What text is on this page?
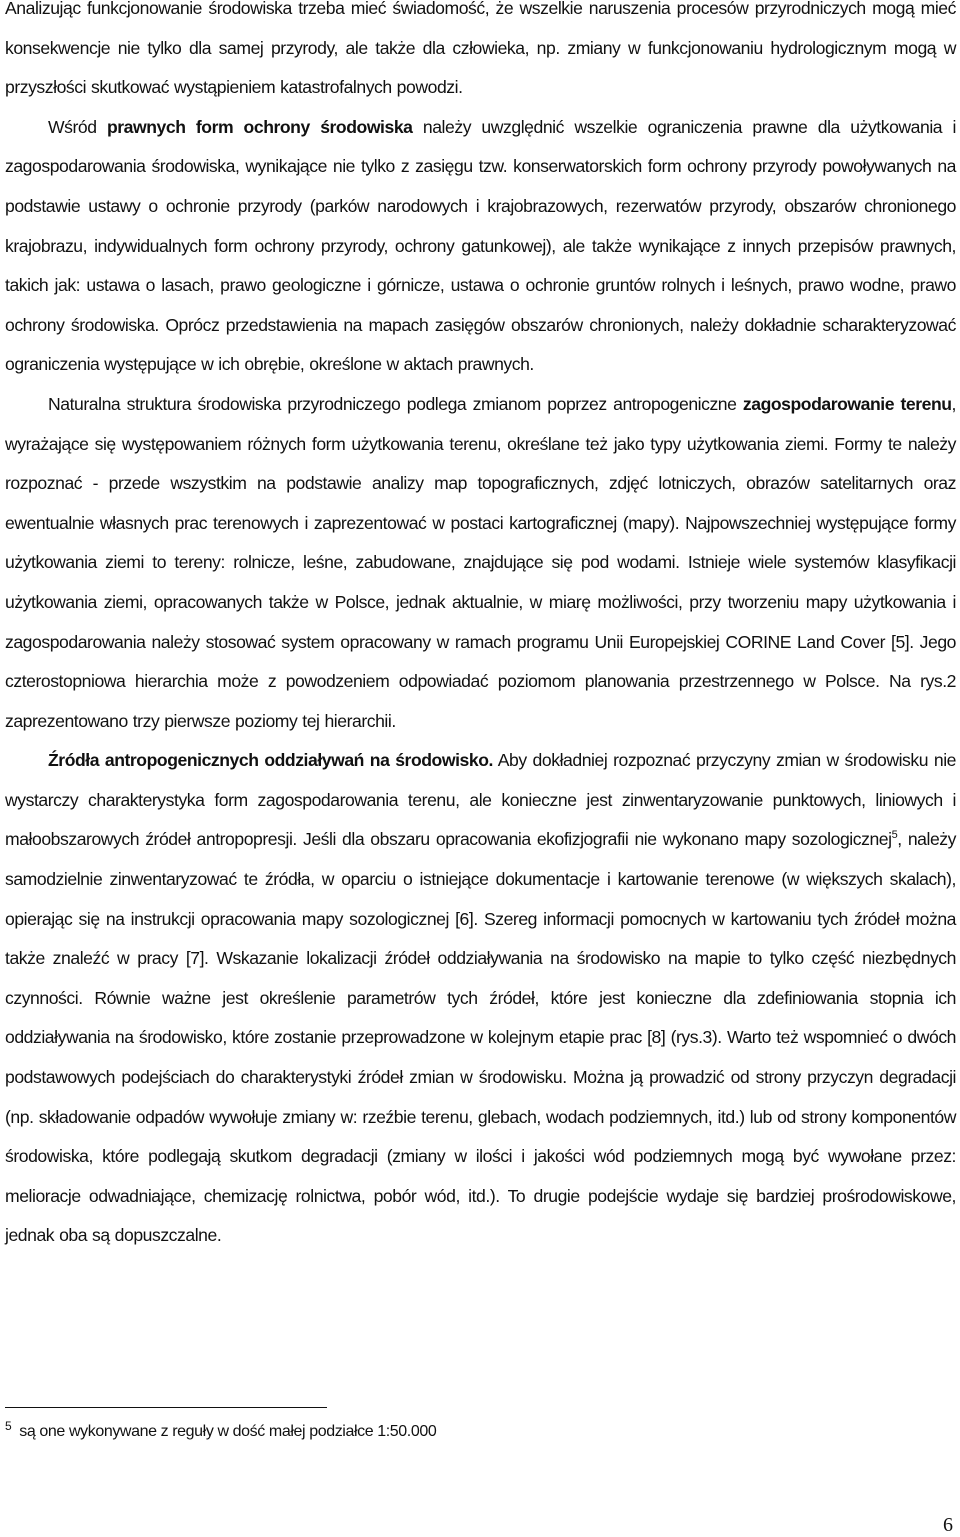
Analizując funkcjonowanie środowiska trzeba mieć świadomość, że wszelkie naruszenia procesów przyrodniczych mogą mieć konsekwencje nie tylko dla samej przyrody, ale także dla człowieka, np. zmiany w funkcjonowaniu hydrologicznym mogą w przyszłości skutkować wystąpieniem katastrofalnych powodzi.

Wśród prawnych form ochrony środowiska należy uwzględnić wszelkie ograniczenia prawne dla użytkowania i zagospodarowania środowiska, wynikające nie tylko z zasięgu tzw. konserwatorskich form ochrony przyrody powoływanych na podstawie ustawy o ochronie przyrody (parków narodowych i krajobrazowych, rezerwatów przyrody, obszarów chronionego krajobrazu, indywidualnych form ochrony przyrody, ochrony gatunkowej), ale także wynikające z innych przepisów prawnych, takich jak: ustawa o lasach, prawo geologiczne i górnicze, ustawa o ochronie gruntów rolnych i leśnych, prawo wodne, prawo ochrony środowiska. Oprócz przedstawienia na mapach zasięgów obszarów chronionych, należy dokładnie scharakteryzować ograniczenia występujące w ich obrębie, określone w aktach prawnych.

Naturalna struktura środowiska przyrodniczego podlega zmianom poprzez antropogeniczne zagospodarowanie terenu, wyrażające się występowaniem różnych form użytkowania terenu, określane też jako typy użytkowania ziemi. Formy te należy rozpoznać - przede wszystkim na podstawie analizy map topograficznych, zdjęć lotniczych, obrazów satelitarnych oraz ewentualnie własnych prac terenowych i zaprezentować w postaci kartograficznej (mapy). Najpowszechniej występujące formy użytkowania ziemi to tereny: rolnicze, leśne, zabudowane, znajdujące się pod wodami. Istnieje wiele systemów klasyfikacji użytkowania ziemi, opracowanych także w Polsce, jednak aktualnie, w miarę możliwości, przy tworzeniu mapy użytkowania i zagospodarowania należy stosować system opracowany w ramach programu Unii Europejskiej CORINE Land Cover [5]. Jego czterostopniowa hierarchia może z powodzeniem odpowiadać poziomom planowania przestrzennego w Polsce. Na rys.2 zaprezentowano trzy pierwsze poziomy tej hierarchii.

Źródła antropogenicznych oddziaływań na środowisko. Aby dokładniej rozpoznać przyczyny zmian w środowisku nie wystarczy charakterystyka form zagospodarowania terenu, ale konieczne jest zinwentaryzowanie punktowych, liniowych i małoobszarowych źródeł antropopresji. Jeśli dla obszaru opracowania ekofizjografii nie wykonano mapy sozologicznej$^5$, należy samodzielnie zinwentaryzować te źródła, w oparciu o istniejące dokumentacje i kartowanie terenowe (w większych skalach), opierając się na instrukcji opracowania mapy sozologicznej [6]. Szereg informacji pomocnych w kartowaniu tych źródeł można także znaleźć w pracy [7]. Wskazanie lokalizacji źródeł oddziaływania na środowisko na mapie to tylko część niezbędnych czynności. Równie ważne jest określenie parametrów tych źródeł, które jest konieczne dla zdefiniowania stopnia ich oddziaływania na środowisko, które zostanie przeprowadzone w kolejnym etapie prac [8] (rys.3). Warto też wspomnieć o dwóch podstawowych podejściach do charakterystyki źródeł zmian w środowisku. Można ją prowadzić od strony przyczyn degradacji (np. składowanie odpadów wywołuje zmiany w: rzeźbie terenu, glebach, wodach podziemnych, itd.) lub od strony komponentów środowiska, które podlegają skutkom degradacji (zmiany w ilości i jakości wód podziemnych mogą być wywołane przez: melioracje odwadniające, chemizację rolnictwa, pobór wód, itd.). To drugie podejście wydaje się bardziej prośrodowiskowe, jednak oba są dopuszczalne.

$^5$ są one wykonywane z reguły w dość małej podziałce 1:50.000
6
